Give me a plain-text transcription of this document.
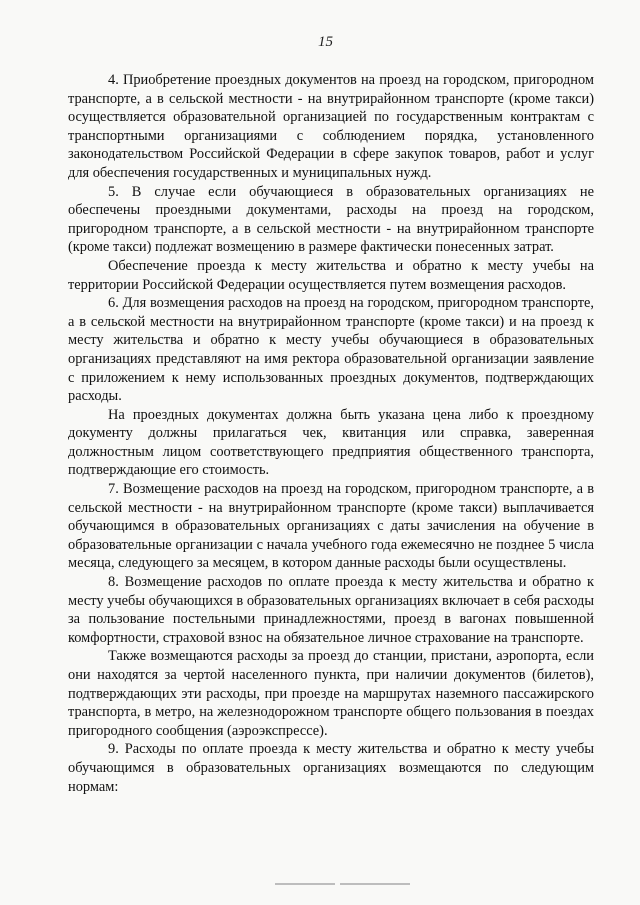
15

4. Приобретение проездных документов на проезд на городском, пригородном транспорте, а в сельской местности - на внутрирайонном транспорте (кроме такси) осуществляется образовательной организацией по государственным контрактам с транспортными организациями с соблюдением порядка, установленного законодательством Российской Федерации в сфере закупок товаров, работ и услуг для обеспечения государственных и муниципальных нужд.

5. В случае если обучающиеся в образовательных организациях не обеспечены проездными документами, расходы на проезд на городском, пригородном транспорте, а в сельской местности - на внутрирайонном транспорте (кроме такси) подлежат возмещению в размере фактически понесенных затрат.

Обеспечение проезда к месту жительства и обратно к месту учебы на территории Российской Федерации осуществляется путем возмещения расходов.

6. Для возмещения расходов на проезд на городском, пригородном транспорте, а в сельской местности на внутрирайонном транспорте (кроме такси) и на проезд к месту жительства и обратно к месту учебы обучающиеся в образовательных организациях представляют на имя ректора образовательной организации заявление с приложением к нему использованных проездных документов, подтверждающих расходы.

На проездных документах должна быть указана цена либо к проездному документу должны прилагаться чек, квитанция или справка, заверенная должностным лицом соответствующего предприятия общественного транспорта, подтверждающие его стоимость.

7. Возмещение расходов на проезд на городском, пригородном транспорте, а в сельской местности - на внутрирайонном транспорте (кроме такси) выплачивается обучающимся в образовательных организациях с даты зачисления на обучение в образовательные организации с начала учебного года ежемесячно не позднее 5 числа месяца, следующего за месяцем, в котором данные расходы были осуществлены.

8. Возмещение расходов по оплате проезда к месту жительства и обратно к месту учебы обучающихся в образовательных организациях включает в себя расходы за пользование постельными принадлежностями, проезд в вагонах повышенной комфортности, страховой взнос на обязательное личное страхование на транспорте.

Также возмещаются расходы за проезд до станции, пристани, аэропорта, если они находятся за чертой населенного пункта, при наличии документов (билетов), подтверждающих эти расходы, при проезде на маршрутах наземного пассажирского транспорта, в метро, на железнодорожном транспорте общего пользования в поездах пригородного сообщения (аэроэкспрессе).

9. Расходы по оплате проезда к месту жительства и обратно к месту учебы обучающимся в образовательных организациях возмещаются по следующим нормам:
